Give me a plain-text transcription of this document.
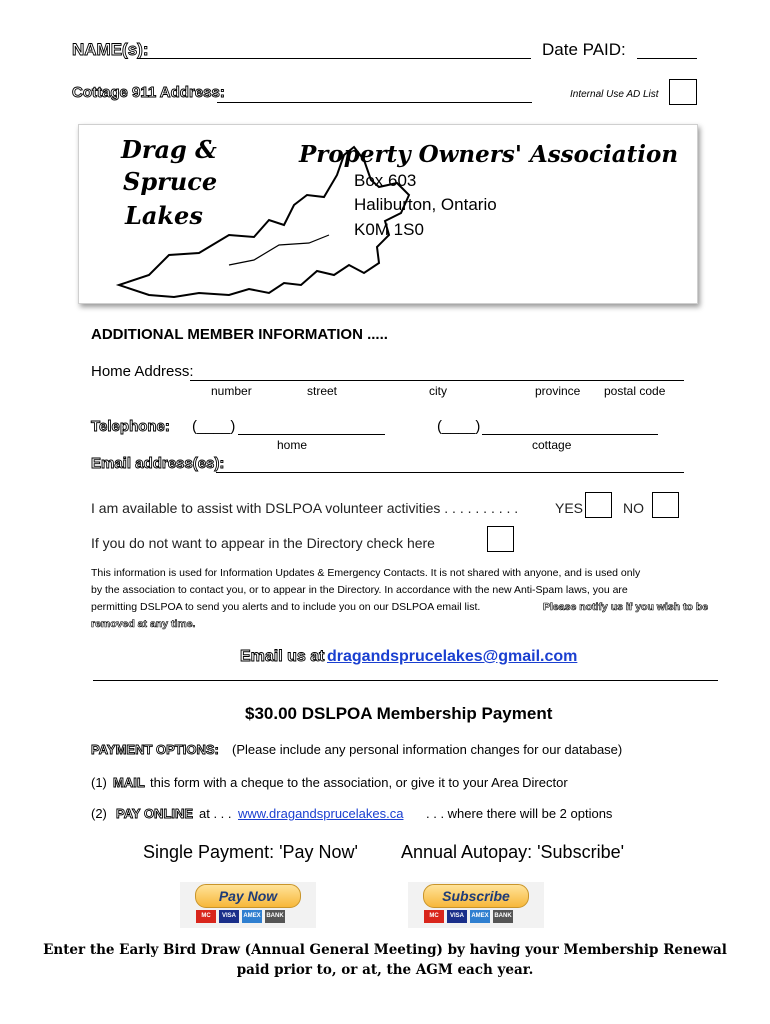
NAME(s):	Date PAID:
Cottage 911 Address:	Internal Use AD List
Drag &
Spruce
Lakes
Property Owners' Association
Box 603
Haliburton, Ontario
K0M 1S0
ADDITIONAL MEMBER INFORMATION .....
Home Address:
number	street	city	province postal code
Telephone: (____)
home
(____)
cottage
Email address(es):
I am available to assist with DSLPOA volunteer activities . . . . . . . . . .	YES	NO
If you do not want to appear in the Directory check here
This information is used for Information Updates & Emergency Contacts. It is not shared with anyone, and is used only
by the association to contact you, or to appear in the Directory. In accordance with the new Anti-Spam laws, you are
permitting DSLPOA to send you alerts and to include you on our DSLPOA email list.	Please notify us if you wish to be
removed at any time.
Email us at dragandsprucelakes@gmail.com
$30.00 DSLPOA Membership Payment
PAYMENT OPTIONS: (Please include any personal information changes for our database)
(1) MAIL this form with a cheque to the association, or give it to your Area Director
(2) PAY ONLINE at . . . www.dragandsprucelakes.ca . . . where there will be 2 options
Single Payment: 'Pay Now' Annual Autopay: 'Subscribe'
Pay Now
MC	VISA	AMEX BANK
Subscribe
MC	VISA	AMEX BANK
Enter the Early Bird Draw (Annual General Meeting) by having your Membership Renewal
paid prior to, or at, the AGM each year.
